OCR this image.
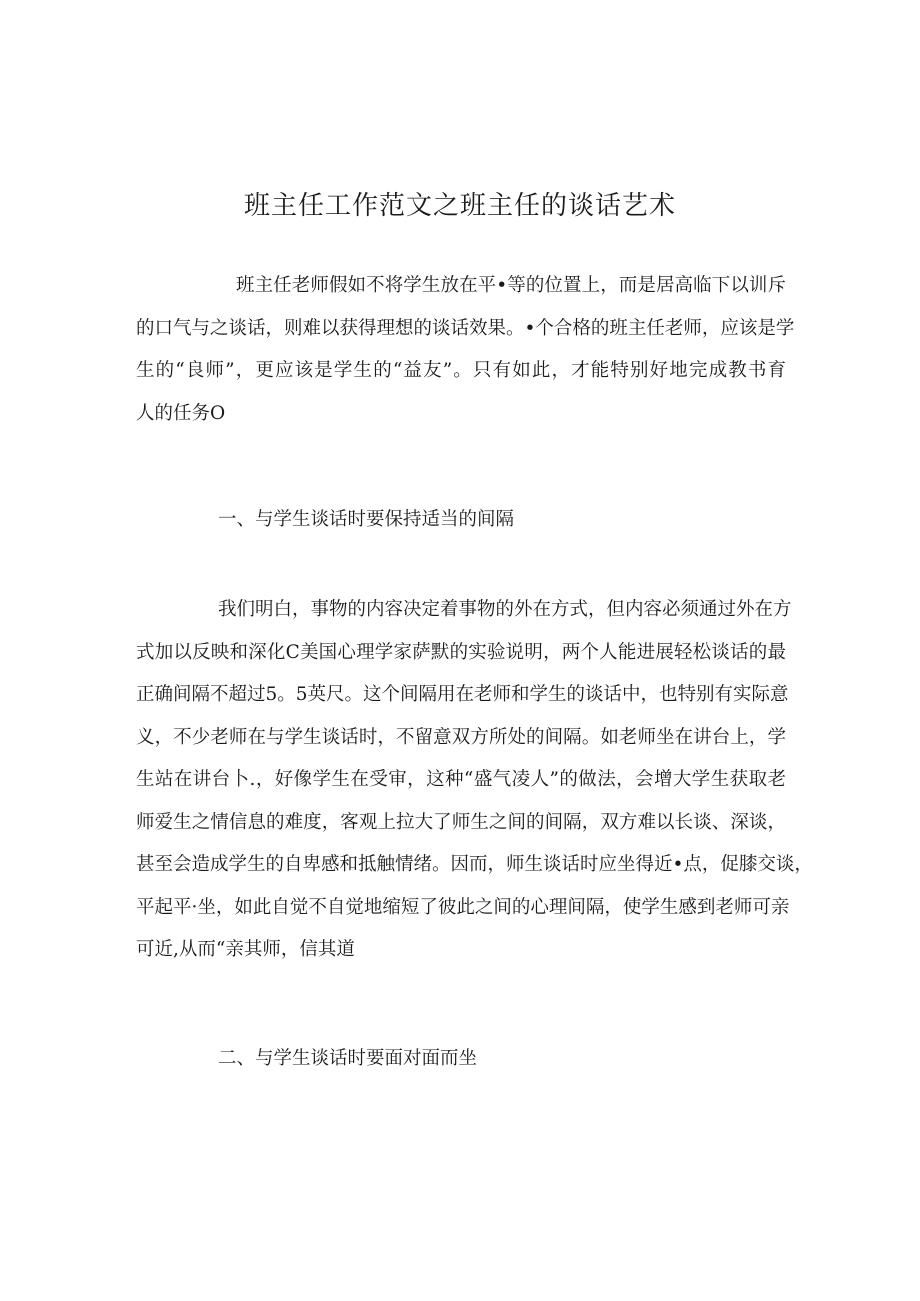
班主任工作范文之班主任的谈话艺术

班主任老师假如不将学生放在平•等的位置上，而是居高临下以训斥
的口气与之谈话，则难以获得理想的谈话效果。•个合格的班主任老师，应该是学
生的“良师”，更应该是学生的“益友”。只有如此，才能特别好地完成教书育
人的任务O

一、与学生谈话时要保持适当的间隔

我们明白，事物的内容决定着事物的外在方式，但内容必须通过外在方
式加以反映和深化C美国心理学家萨默的实验说明，两个人能进展轻松谈话的最
正确间隔不超过5。5英尺。这个间隔用在老师和学生的谈话中，也特别有实际意
义，不少老师在与学生谈话时，不留意双方所处的间隔。如老师坐在讲台上，学
生站在讲台卜.，好像学生在受审，这种“盛气凌人”的做法，会增大学生获取老
师爱生之情信息的难度，客观上拉大了师生之间的间隔，双方难以长谈、深谈，
甚至会造成学生的自卑感和抵触情绪。因而，师生谈话时应坐得近•点，促膝交谈，
平起平·坐，如此自觉不自觉地缩短了彼此之间的心理间隔，使学生感到老师可亲
可近,从而“亲其师，信其道

二、与学生谈话时要面对面而坐
